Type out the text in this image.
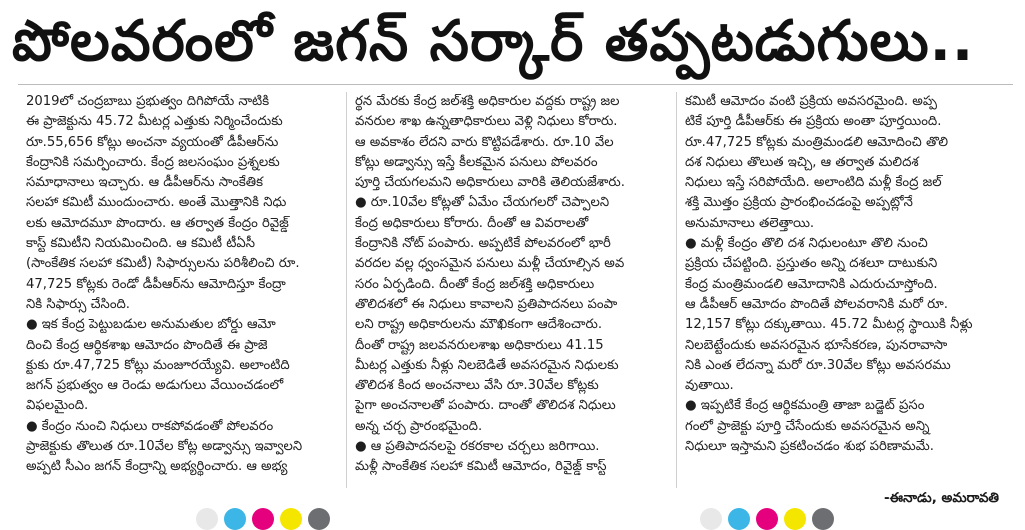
పోలవరంలో జగన్ సర్కార్ తప్పటడుగులు..
2019లో చంద్రబాబు ప్రభుత్వం దిగిపోయే నాటికి
ఈ ప్రాజెక్టును 45.72 మీటర్ల ఎత్తుకు నిర్మించేందుకు
రూ.55,656 కోట్లు అంచనా వ్యయంతో డీపీఆర్‌ను
కేంద్రానికి సమర్పించారు. కేంద్ర జలసంఘం ప్రశ్నలకు
సమాధానాలు ఇచ్చారు. ఆ డీపీఆర్‌ను సాంకేతిక
సలహా కమిటీ ముందుంచారు. అంతే మొత్తానికి నిధు
లకు ఆమోదమూ పొందారు. ఆ తర్వాత కేంద్రం రివైజ్డ్
కాస్ట్ కమిటీని నియమించింది. ఆ కమిటీ టీఏసీ
(సాంకేతిక సలహా కమిటీ) సిఫార్సులను పరిశీలించి రూ.
47,725 కోట్లకు రెండో డీపీఆర్‌ను ఆమోదిస్తూ కేంద్రా
నికి సిఫార్సు చేసింది.
● ఇక కేంద్ర పెట్టుబడుల అనుమతుల బోర్డు ఆమో
దించి కేంద్ర ఆర్థికశాఖ ఆమోదం పొందితే ఈ ప్రాజె
క్టుకు రూ.47,725 కోట్లు మంజూరయ్యేవి. అలాంటిది
జగన్ ప్రభుత్వం ఆ రెండు అడుగులు వేయించడంలో
విఫలమైంది.
● కేంద్రం నుంచి నిధులు రాకపోవడంతో పోలవరం
ప్రాజెక్టుకు తొలుత రూ.10వేల కోట్ల అడ్వాన్సు ఇవ్వాలని
అప్పటి సీఎం జగన్ కేంద్రాన్ని అభ్యర్థించారు. ఆ అభ్య
ర్థన మేరకు కేంద్ర జల్‌శక్తి అధికారుల వద్దకు రాష్ట్ర జల
వనరుల శాఖ ఉన్నతాధికారులు వెళ్లి నిధులు కోరారు.
ఆ అవకాశం లేదని వారు కొట్టిపడేశారు. రూ.10 వేల
కోట్లు అడ్వాన్సు ఇస్తే కీలకమైన పనులు పోలవరం
పూర్తి చేయగలమని అధికారులు వారికి తెలియజేశారు.
● రూ.10వేల కోట్లతో ఏమేం చేయగలరో చెప్పాలని
కేంద్ర అధికారులు కోరారు. దీంతో ఆ వివరాలతో
కేంద్రానికి నోట్ పంపారు. అప్పటికే పోలవరంలో భారీ
వరదల వల్ల ధ్వంసమైన పనులు మళ్లీ చేయాల్సిన అవ
సరం ఏర్పడింది. దీంతో కేంద్ర జల్‌శక్తి అధికారులు
తొలిదశలో ఈ నిధులు కావాలని ప్రతిపాదనలు పంపా
లని రాష్ట్ర అధికారులను మౌఖికంగా ఆదేశించారు.
దీంతో రాష్ట్ర జలవనరులశాఖ అధికారులు 41.15
మీటర్ల ఎత్తుకు నీళ్లు నిలబెడితే అవసరమైన నిధులకు
తొలిదశ కింద అంచనాలు వేసి రూ.30వేల కోట్లకు
పైగా అంచనాలతో పంపారు. దాంతో తొలిదశ నిధులు
అన్న చర్చ ప్రారంభమైంది.
● ఆ ప్రతిపాదనలపై రకరకాల చర్చలు జరిగాయి.
మళ్లీ సాంకేతిక సలహా కమిటీ ఆమోదం, రివైజ్డ్ కాస్ట్
కమిటీ ఆమోదం వంటి ప్రక్రియ అవసరమైంది. అప్ప
టికే పూర్తి డీపీఆర్‌కు ఈ ప్రక్రియ అంతా పూర్తయింది.
రూ.47,725 కోట్లకు మంత్రిమండలి ఆమోదించి తొలి
దశ నిధులు తొలుత ఇచ్చి, ఆ తర్వాత మలిదశ
నిధులు ఇస్తే సరిపోయేది. అలాంటిది మళ్లీ కేంద్ర జల్
శక్తి మొత్తం ప్రక్రియ ప్రారంభించడంపై అప్పట్లోనే
అనుమానాలు తలెత్తాయి.
● మళ్లీ కేంద్రం తొలి దశ నిధులంటూ తొలి నుంచి
ప్రక్రియ చేపట్టింది. ప్రస్తుతం అన్ని దశలూ దాటుకుని
కేంద్ర మంత్రిమండలి ఆమోదానికి ఎదురుచూస్తోంది.
ఆ డీపీఆర్ ఆమోదం పొందితే పోలవరానికి మరో రూ.
12,157 కోట్లు దక్కుతాయి. 45.72 మీటర్ల స్థాయికి నీళ్లు
నిలబెట్టేందుకు అవసరమైన భూసేకరణ, పునరావాసా
నికి ఎంత లేదన్నా మరో రూ.30వేల కోట్లు అవసరము
వుతాయి.
● ఇప్పటికే కేంద్ర ఆర్థికమంత్రి తాజా బడ్జెట్ ప్రసం
గంలో ప్రాజెక్టు పూర్తి చేసేందుకు అవసరమైన అన్ని
నిధులూ ఇస్తామని ప్రకటించడం శుభ పరిణామమే.
-ఈనాడు, అమరావతి
